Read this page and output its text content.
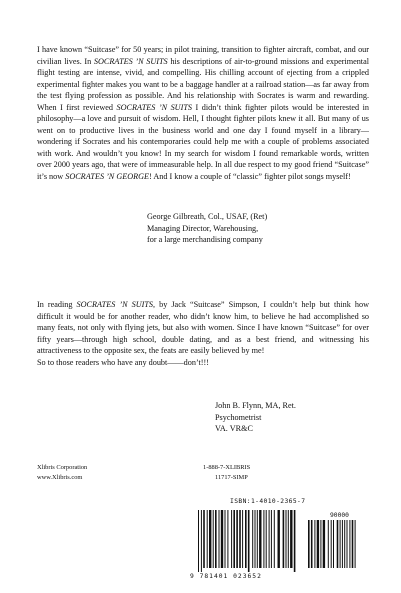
I have known “Suitcase” for 50 years; in pilot training, transition to fighter aircraft, combat, and our civilian lives. In SOCRATES ’N SUITS his descriptions of air-to-ground missions and experimental flight testing are intense, vivid, and compelling. His chilling account of ejecting from a crippled experimental fighter makes you want to be a baggage handler at a railroad station—as far away from the test flying profession as possible. And his relationship with Socrates is warm and rewarding. When I first reviewed SOCRATES ’N SUITS I didn’t think fighter pilots would be interested in philosophy—a love and pursuit of wisdom. Hell, I thought fighter pilots knew it all. But many of us went on to productive lives in the business world and one day I found myself in a library—wondering if Socrates and his contemporaries could help me with a couple of problems associated with work. And wouldn’t you know! In my search for wisdom I found remarkable words, written over 2000 years ago, that were of immeasurable help. In all due respect to my good friend “Suitcase” it’s now SOCRATES ’N GEORGE! And I know a couple of “classic” fighter pilot songs myself!

George Gilbreath, Col., USAF, (Ret)
Managing Director, Warehousing,
for a large merchandising company

In reading SOCRATES ’N SUITS, by Jack “Suitcase” Simpson, I couldn’t help but think how difficult it would be for another reader, who didn’t know him, to believe he had accomplished so many feats, not only with flying jets, but also with women. Since I have known “Suitcase” for over fifty years—through high school, double dating, and as a best friend, and witnessing his attractiveness to the opposite sex, the feats are easily believed by me!
So to those readers who have any doubt——don’t!!!

John B. Flynn, MA, Ret.
Psychometrist
VA. VR&C
Xlibris Corporation
www.Xlibris.com
1-888-7-XLIBRIS
11717-SIMP
ISBN:1-4010-2365-7
90000
9 781401 023652
